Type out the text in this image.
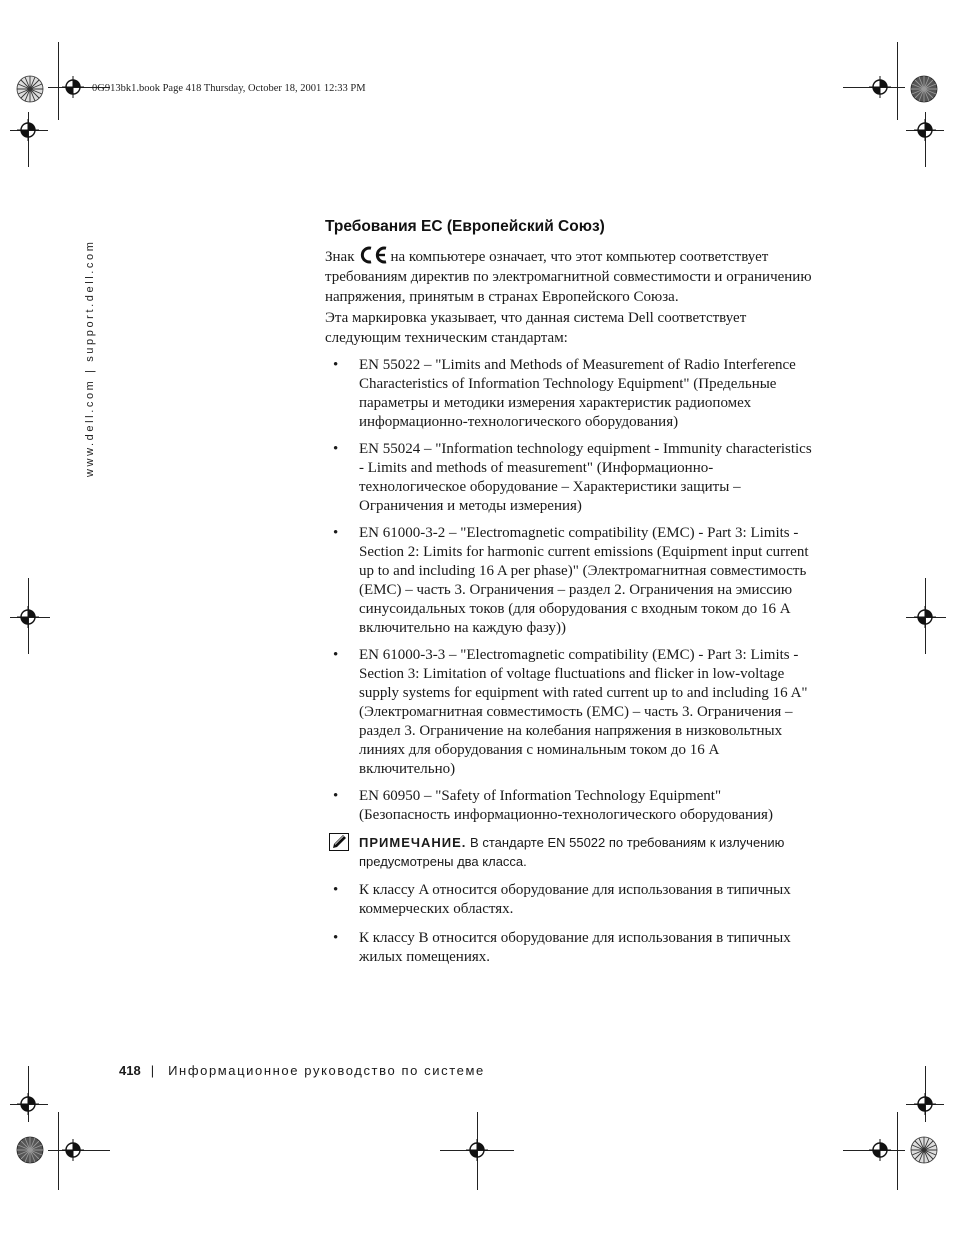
0G913bk1.book Page 418 Thursday, October 18, 2001 12:33 PM
www.dell.com | support.dell.com
Требования ЕС (Европейский Союз)

Знак на компьютере означает, что этот компьютер соответствует требованиям директив по электромагнитной совместимости и ограничению напряжения, принятым в странах Европейского Союза.

Эта маркировка указывает, что данная система Dell соответствует следующим техническим стандартам:

• EN 55022 – "Limits and Methods of Measurement of Radio Interference Characteristics of Information Technology Equipment" (Предельные параметры и методики измерения характеристик радиопомех информационно-технологического оборудования)
• EN 55024 – "Information technology equipment - Immunity characteristics - Limits and methods of measurement" (Информационно-технологическое оборудование – Характеристики защиты – Ограничения и методы измерения)
• EN 61000-3-2 – "Electromagnetic compatibility (EMC) - Part 3: Limits - Section 2: Limits for harmonic current emissions (Equipment input current up to and including 16 A per phase)" (Электромагнитная совместимость (EMC) – часть 3. Ограничения – раздел 2. Ограничения на эмиссию синусоидальных токов (для оборудования с входным током до 16 A включительно на каждую фазу))
• EN 61000-3-3 – "Electromagnetic compatibility (EMC) - Part 3: Limits - Section 3: Limitation of voltage fluctuations and flicker in low-voltage supply systems for equipment with rated current up to and including 16 A" (Электромагнитная совместимость (EMC) – часть 3. Ограничения – раздел 3. Ограничение на колебания напряжения в низковольтных линиях для оборудования с номинальным током до 16 A включительно)
• EN 60950 – "Safety of Information Technology Equipment" (Безопасность информационно-технологического оборудования)
ПРИМЕЧАНИЕ. В стандарте EN 55022 по требованиям к излучению предусмотрены два класса.
• К классу A относится оборудование для использования в типичных коммерческих областях.
• К классу B относится оборудование для использования в типичных жилых помещениях.
418 | Информационное руководство по системе
